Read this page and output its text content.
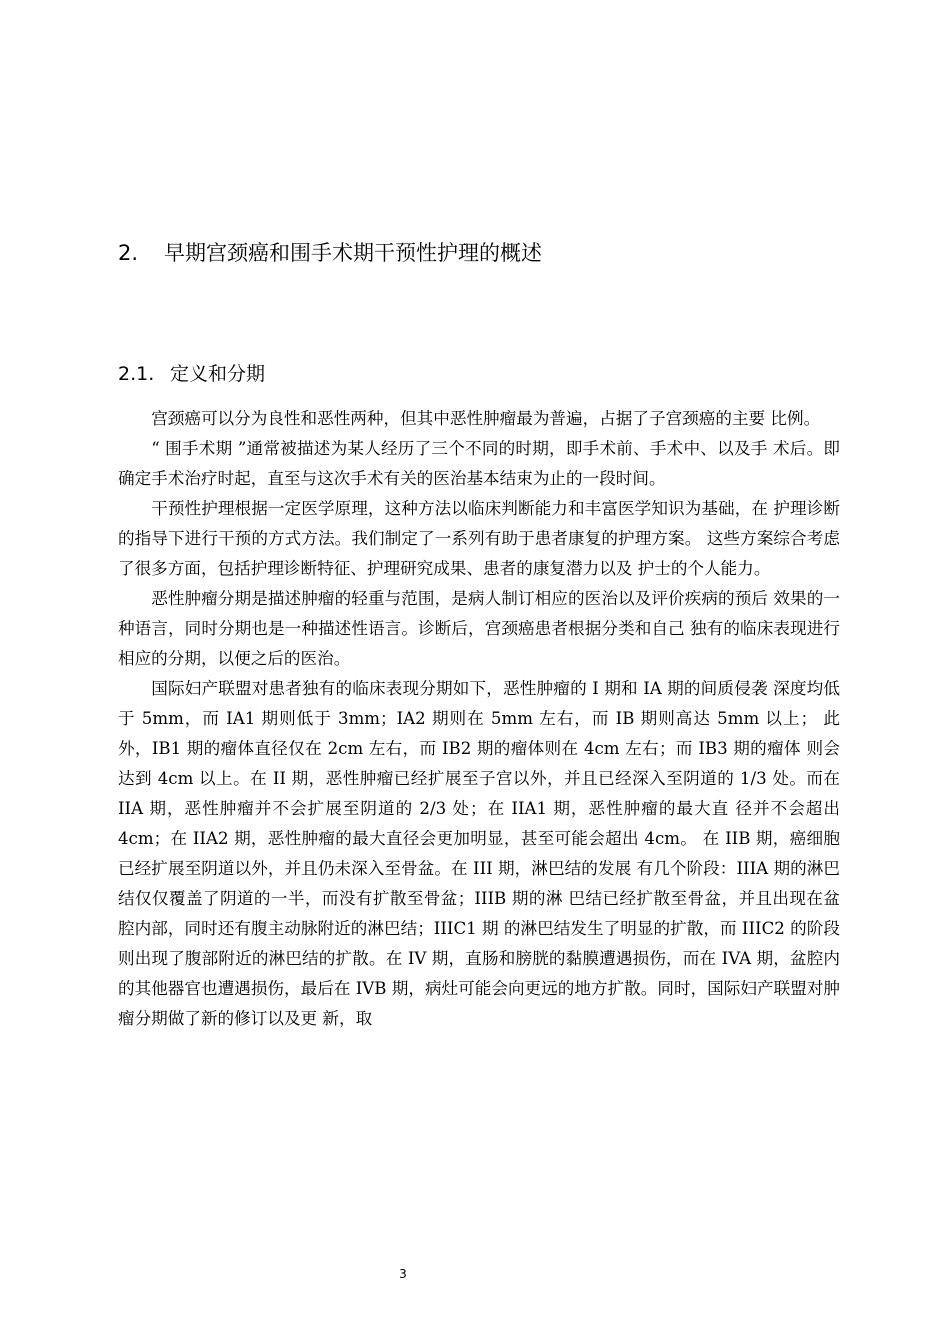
2. 早期宫颈癌和围手术期干预性护理的概述
2.1. 定义和分期

宫颈癌可以分为良性和恶性两种，但其中恶性肿瘤最为普遍，占据了子宫颈癌的主要 比例。

“ 围手术期 ”通常被描述为某人经历了三个不同的时期，即手术前、手术中、以及手 术后。即确定手术治疗时起，直至与这次手术有关的医治基本结束为止的一段时间。

干预性护理根据一定医学原理，这种方法以临床判断能力和丰富医学知识为基础，在 护理诊断的指导下进行干预的方式方法。我们制定了一系列有助于患者康复的护理方案。 这些方案综合考虑了很多方面，包括护理诊断特征、护理研究成果、患者的康复潜力以及 护士的个人能力。

恶性肿瘤分期是描述肿瘤的轻重与范围，是病人制订相应的医治以及评价疾病的预后 效果的一种语言，同时分期也是一种描述性语言。诊断后，宫颈癌患者根据分类和自己 独有的临床表现进行相应的分期，以便之后的医治。

国际妇产联盟对患者独有的临床表现分期如下，恶性肿瘤的 I 期和 IA 期的间质侵袭 深度均低于 5mm，而 IA1 期则低于 3mm；IA2 期则在 5mm 左右，而 IB 期则高达 5mm 以上； 此外，IB1 期的瘤体直径仅在 2cm 左右，而 IB2 期的瘤体则在 4cm 左右；而 IB3 期的瘤体 则会达到 4cm 以上。在 II 期，恶性肿瘤已经扩展至子宫以外，并且已经深入至阴道的 1/3 处。而在 IIA 期，恶性肿瘤并不会扩展至阴道的 2/3 处；在 IIA1 期，恶性肿瘤的最大直 径并不会超出 4cm；在 IIA2 期，恶性肿瘤的最大直径会更加明显，甚至可能会超出 4cm。 在 IIB 期，癌细胞已经扩展至阴道以外，并且仍未深入至骨盆。在 III 期，淋巴结的发展 有几个阶段：IIIA 期的淋巴结仅仅覆盖了阴道的一半，而没有扩散至骨盆；IIIB 期的淋 巴结已经扩散至骨盆，并且出现在盆腔内部，同时还有腹主动脉附近的淋巴结；IIIC1 期 的淋巴结发生了明显的扩散，而 IIIC2 的阶段则出现了腹部附近的淋巴结的扩散。在 IV 期，直肠和膀胱的黏膜遭遇损伤，而在 IVA 期，盆腔内的其他器官也遭遇损伤，最后在 IVB 期，病灶可能会向更远的地方扩散。同时，国际妇产联盟对肿瘤分期做了新的修订以及更 新，取

3
